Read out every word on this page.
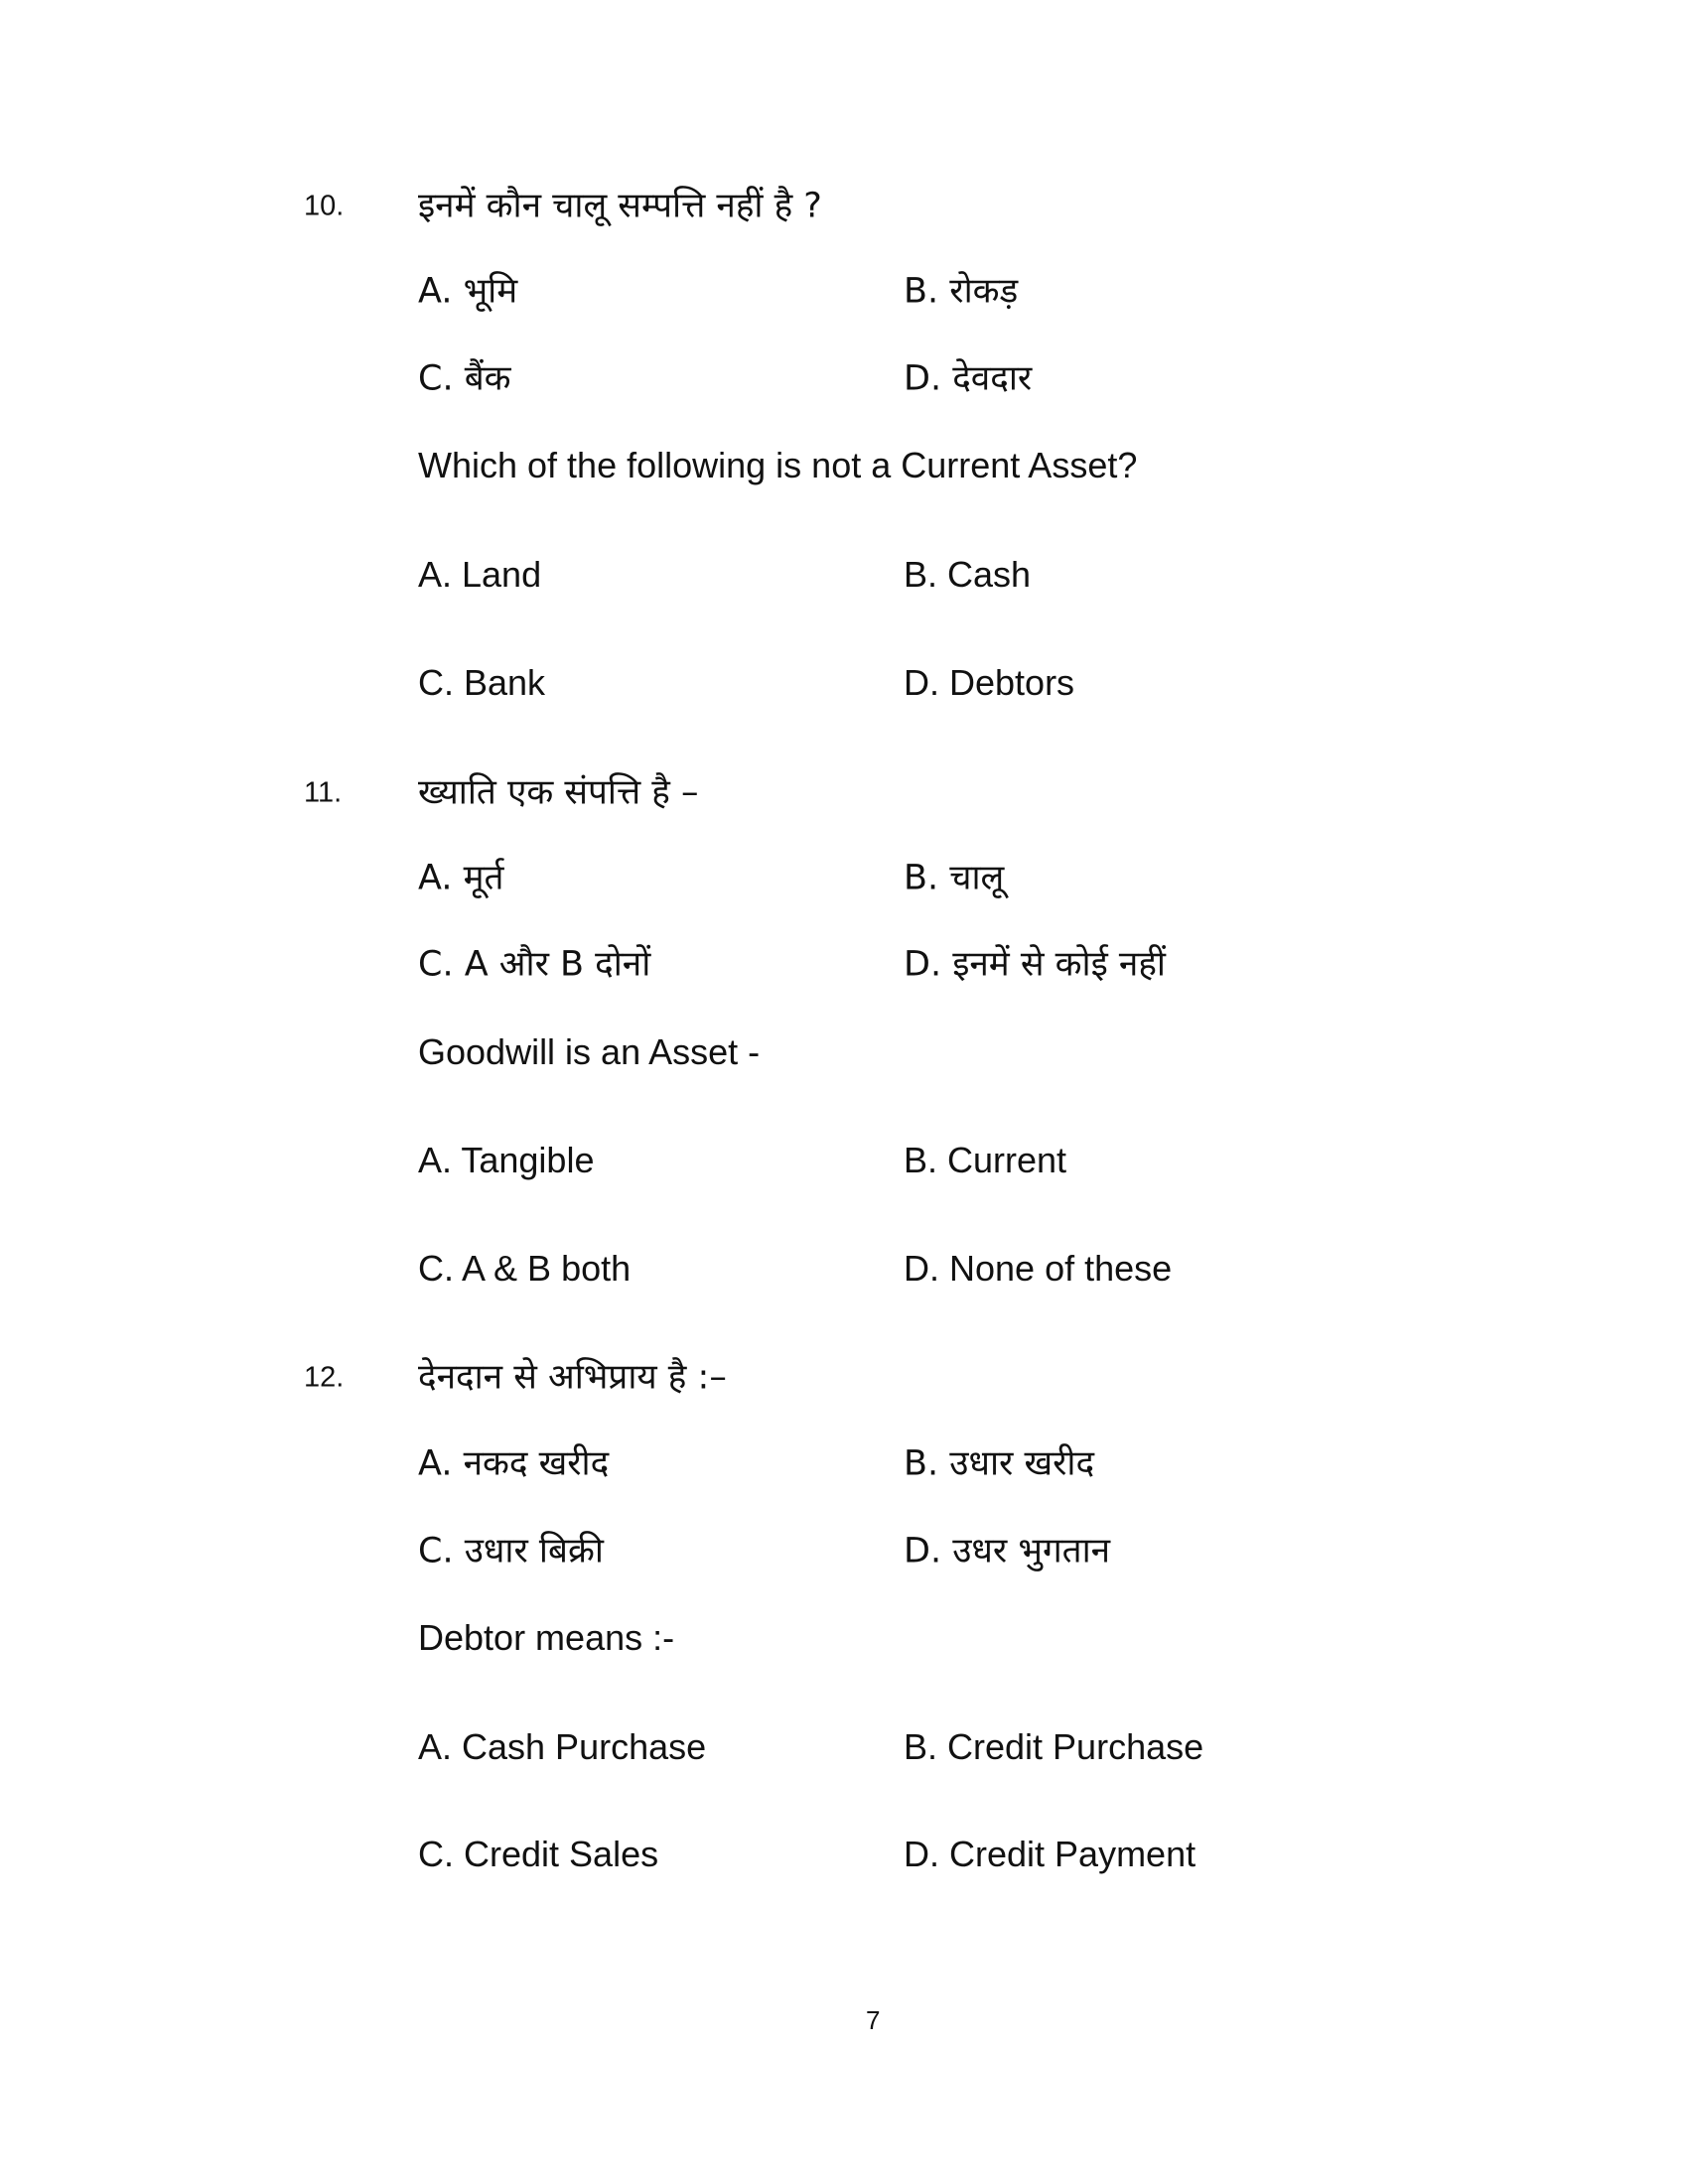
10. इनमें कौन चालू सम्पत्ति नहीं है ?
A. भूमि	B. रोकड़
C. बैंक	D. देवदार
Which of the following is not a Current Asset?
A. Land	B. Cash
C. Bank	D. Debtors
11. ख्याति एक संपत्ति है –
A. मूर्त	B. चालू
C. A और B दोनों	D. इनमें से कोई नहीं
Goodwill is an Asset -
A. Tangible	B. Current
C. A & B both	D. None of these
12. देनदान से अभिप्राय है :–
A. नकद खरीद	B. उधार खरीद
C. उधार बिक्री	D. उधर भुगतान
Debtor means :-
A. Cash Purchase	B. Credit Purchase
C. Credit Sales	D. Credit Payment
7
